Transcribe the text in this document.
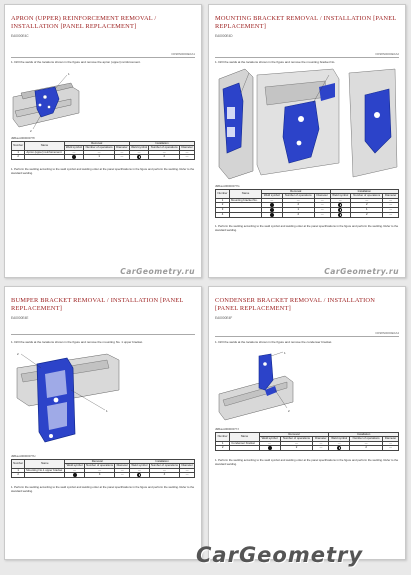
APRON (UPPER) REINFORCEMENT REMOVAL / INSTALLATION [PANEL REPLACEMENT]
EA0000E4C
DF98N0000EFA1
1. Drill the welds of the locations shown in the figure and remove the apron (upper) reinforcement.
1
2
d9BuuA00000077F
Number	Name	Removal			Installation		
		Weld symbol	Number of operations	Diameter	Weld symbol	Number of operations	Diameter
1	Apron (upper) reinforcement	—	—	—	—	—	—
2			1	—		2	—
1. Perform the welding according to the weld symbol and welding order at the panel specifications in the figure and perform the welding. Refer to the standard welding.
CarGeometry.ru
MOUNTING BRACKET REMOVAL / INSTALLATION [PANEL REPLACEMENT]
EA0000E4D
DF98N0000EFA2
1. Drill the welds at the locations shown in the figure and remove the mounting bracket No.
d9BuuA00000077G
Number	Name	Removal			Installation		
		Weld symbol	Number of operations	Diameter	Weld symbol	Number of operations	Diameter
1	Mounting bracket No.	—	—	—	—	—	—
2			2	—		2	—
3			1	—		1	—
4			2	—		2	—
1. Perform the welding according to the weld symbol and welding order at the panel specifications in the figure and perform the welding. Refer to the standard welding.
CarGeometry.ru
BUMPER BRACKET REMOVAL / INSTALLATION [PANEL REPLACEMENT]
EA0000E4E
1. Drill the welds at the locations shown in the figure and remove the mounting No. 1 upper bracket.
1
2
d9BuuA00000077H
Number	Name	Removal			Installation		
		Weld symbol	Number of operations	Diameter	Weld symbol	Number of operations	Diameter
1	Mounting No.1 upper bracket	—	—	—	—	—	—
2			4	—		4	—
1. Perform the welding according to the weld symbol and welding order at the panel specifications in the figure and perform the welding. Refer to the standard welding.
CONDENSER BRACKET REMOVAL / INSTALLATION [PANEL REPLACEMENT]
EA0000E4F
DF98N0000EFA4
1. Drill the welds at the locations shown in the figure and remove the condenser bracket.
1
2
d9BuuA00000077J
Number	Name	Removal			Installation		
		Weld symbol	Number of operations	Diameter	Weld symbol	Number of operations	Diameter
1	Condenser bracket	—	—	—	—	—	—
2			2	—		2	—
1. Perform the welding according to the weld symbol and welding order at the panel specifications in the figure and perform the welding. Refer to the standard welding.
CarGeometry
